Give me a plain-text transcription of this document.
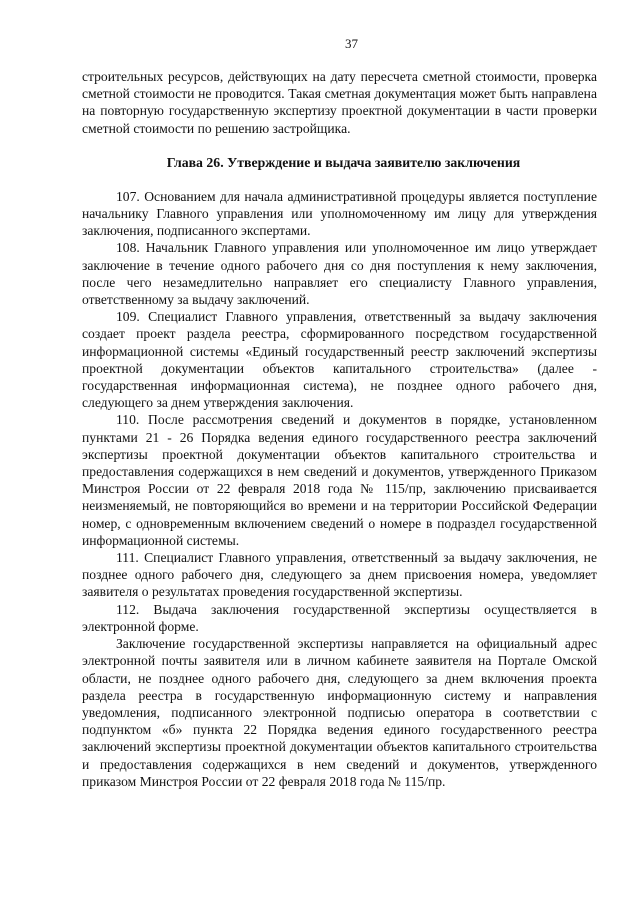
37

строительных ресурсов, действующих на дату пересчета сметной стоимости, проверка сметной стоимости не проводится. Такая сметная документация может быть направлена на повторную государственную экспертизу проектной документации в части проверки сметной стоимости по решению застройщика.

Глава 26. Утверждение и выдача заявителю заключения

107. Основанием для начала административной процедуры является поступление начальнику Главного управления или уполномоченному им лицу для утверждения заключения, подписанного экспертами.

108. Начальник Главного управления или уполномоченное им лицо утверждает заключение в течение одного рабочего дня со дня поступления к нему заключения, после чего незамедлительно направляет его специалисту Главного управления, ответственному за выдачу заключений.

109. Специалист Главного управления, ответственный за выдачу заключения создает проект раздела реестра, сформированного посредством государственной информационной системы «Единый государственный реестр заключений экспертизы проектной документации объектов капитального строительства» (далее - государственная информационная система), не позднее одного рабочего дня, следующего за днем утверждения заключения.

110. После рассмотрения сведений и документов в порядке, установленном пунктами 21 - 26 Порядка ведения единого государственного реестра заключений экспертизы проектной документации объектов капитального строительства и предоставления содержащихся в нем сведений и документов, утвержденного Приказом Минстроя России от 22 февраля 2018 года № 115/пр, заключению присваивается неизменяемый, не повторяющийся во времени и на территории Российской Федерации номер, с одновременным включением сведений о номере в подраздел государственной информационной системы.

111. Специалист Главного управления, ответственный за выдачу заключения, не позднее одного рабочего дня, следующего за днем присвоения номера, уведомляет заявителя о результатах проведения государственной экспертизы.

112. Выдача заключения государственной экспертизы осуществляется в электронной форме.

Заключение государственной экспертизы направляется на официальный адрес электронной почты заявителя или в личном кабинете заявителя на Портале Омской области, не позднее одного рабочего дня, следующего за днем включения проекта раздела реестра в государственную информационную систему и направления уведомления, подписанного электронной подписью оператора в соответствии с подпунктом «б» пункта 22 Порядка ведения единого государственного реестра заключений экспертизы проектной документации объектов капитального строительства и предоставления содержащихся в нем сведений и документов, утвержденного приказом Минстроя России от 22 февраля 2018 года № 115/пр.
